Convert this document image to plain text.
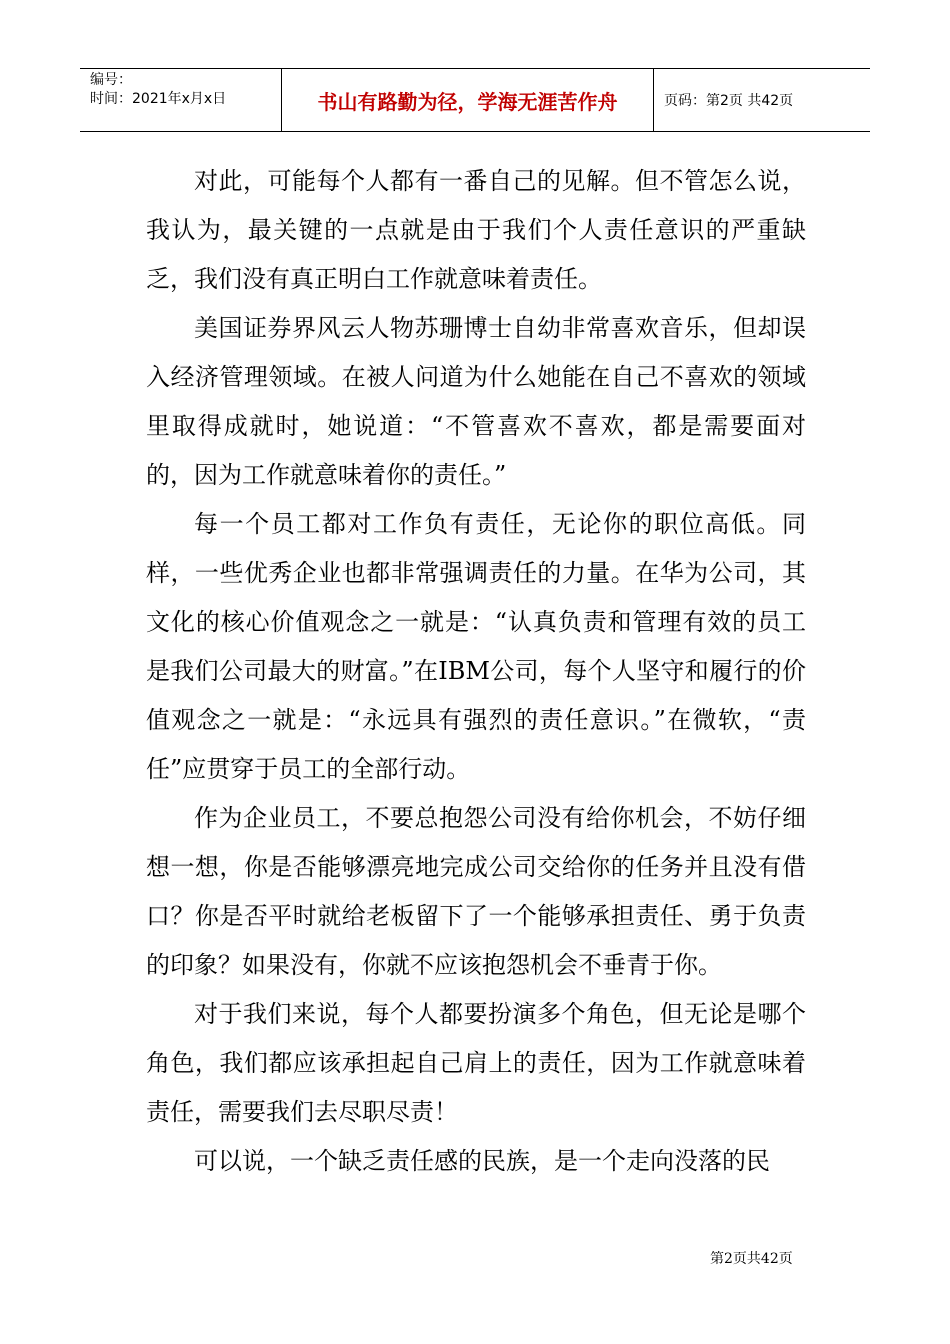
编号：
时间：2021年x月x日	书山有路勤为径，学海无涯苦作舟	页码：第2页 共42页

对此，可能每个人都有一番自己的见解。但不管怎么说，我认为，最关键的一点就是由于我们个人责任意识的严重缺乏，我们没有真正明白工作就意味着责任。

美国证券界风云人物苏珊博士自幼非常喜欢音乐，但却误入经济管理领域。在被人问道为什么她能在自己不喜欢的领域里取得成就时，她说道：“不管喜欢不喜欢，都是需要面对的，因为工作就意味着你的责任。”

每一个员工都对工作负有责任，无论你的职位高低。同样，一些优秀企业也都非常强调责任的力量。在华为公司，其文化的核心价值观念之一就是：“认真负责和管理有效的员工是我们公司最大的财富。”在IBM公司，每个人坚守和履行的价值观念之一就是：“永远具有强烈的责任意识。”在微软，“责任”应贯穿于员工的全部行动。

作为企业员工，不要总抱怨公司没有给你机会，不妨仔细想一想，你是否能够漂亮地完成公司交给你的任务并且没有借口？你是否平时就给老板留下了一个能够承担责任、勇于负责的印象？如果没有，你就不应该抱怨机会不垂青于你。

对于我们来说，每个人都要扮演多个角色，但无论是哪个角色，我们都应该承担起自己肩上的责任，因为工作就意味着责任，需要我们去尽职尽责！

可以说，一个缺乏责任感的民族，是一个走向没落的民

第2页共42页
